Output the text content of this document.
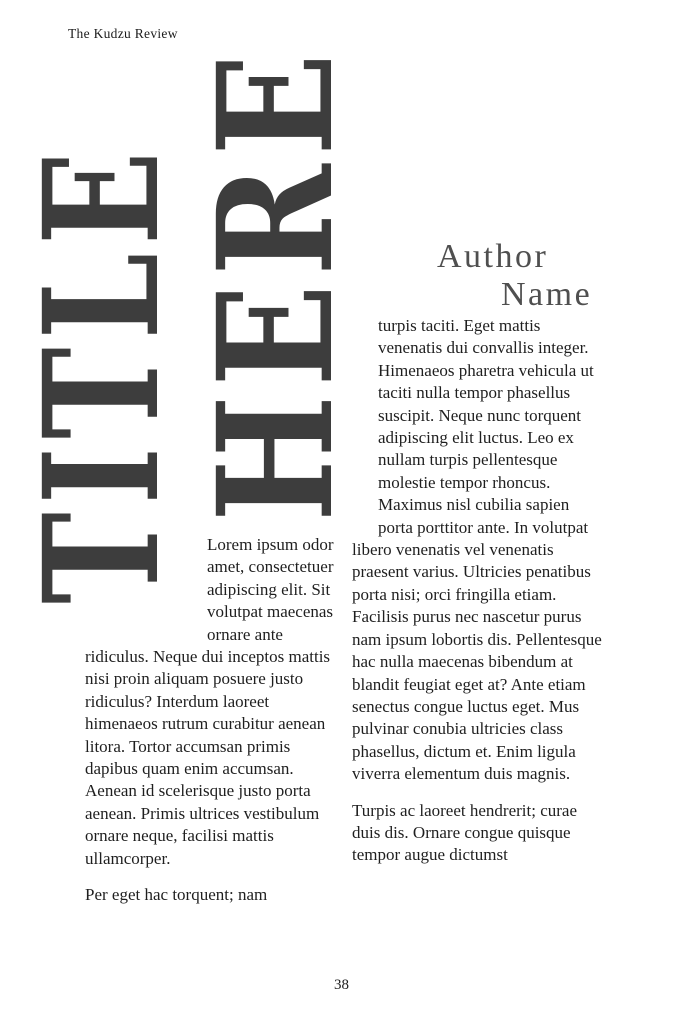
The Kudzu Review
TITLE
HERE Author
Name

Lorem ipsum odor amet, consectetuer adipiscing elit. Sit volutpat maecenas ornare ante ridiculus. Neque dui inceptos mattis nisi proin aliquam posuere justo ridiculus? Interdum laoreet himenaeos rutrum curabitur aenean litora. Tortor accumsan primis dapibus quam enim accumsan. Aenean id scelerisque justo porta aenean. Primis ultrices vestibulum ornare neque, facilisi mattis ullamcorper.

Per eget hac torquent; nam

turpis taciti. Eget mattis venenatis dui convallis integer. Himenaeos pharetra vehicula ut taciti nulla tempor phasellus suscipit. Neque nunc torquent adipiscing elit luctus. Leo ex nullam turpis pellentesque molestie tempor rhoncus. Maximus nisl cubilia sapien porta porttitor ante. In volutpat libero venenatis vel venenatis praesent varius. Ultricies penatibus porta nisi; orci fringilla etiam. Facilisis purus nec nascetur purus nam ipsum lobortis dis. Pellentesque hac nulla maecenas bibendum at blandit feugiat eget at? Ante etiam senectus congue luctus eget. Mus pulvinar conubia ultricies class phasellus, dictum et. Enim ligula viverra elementum duis magnis.

Turpis ac laoreet hendrerit; curae duis dis. Ornare congue quisque tempor augue dictumst

38
